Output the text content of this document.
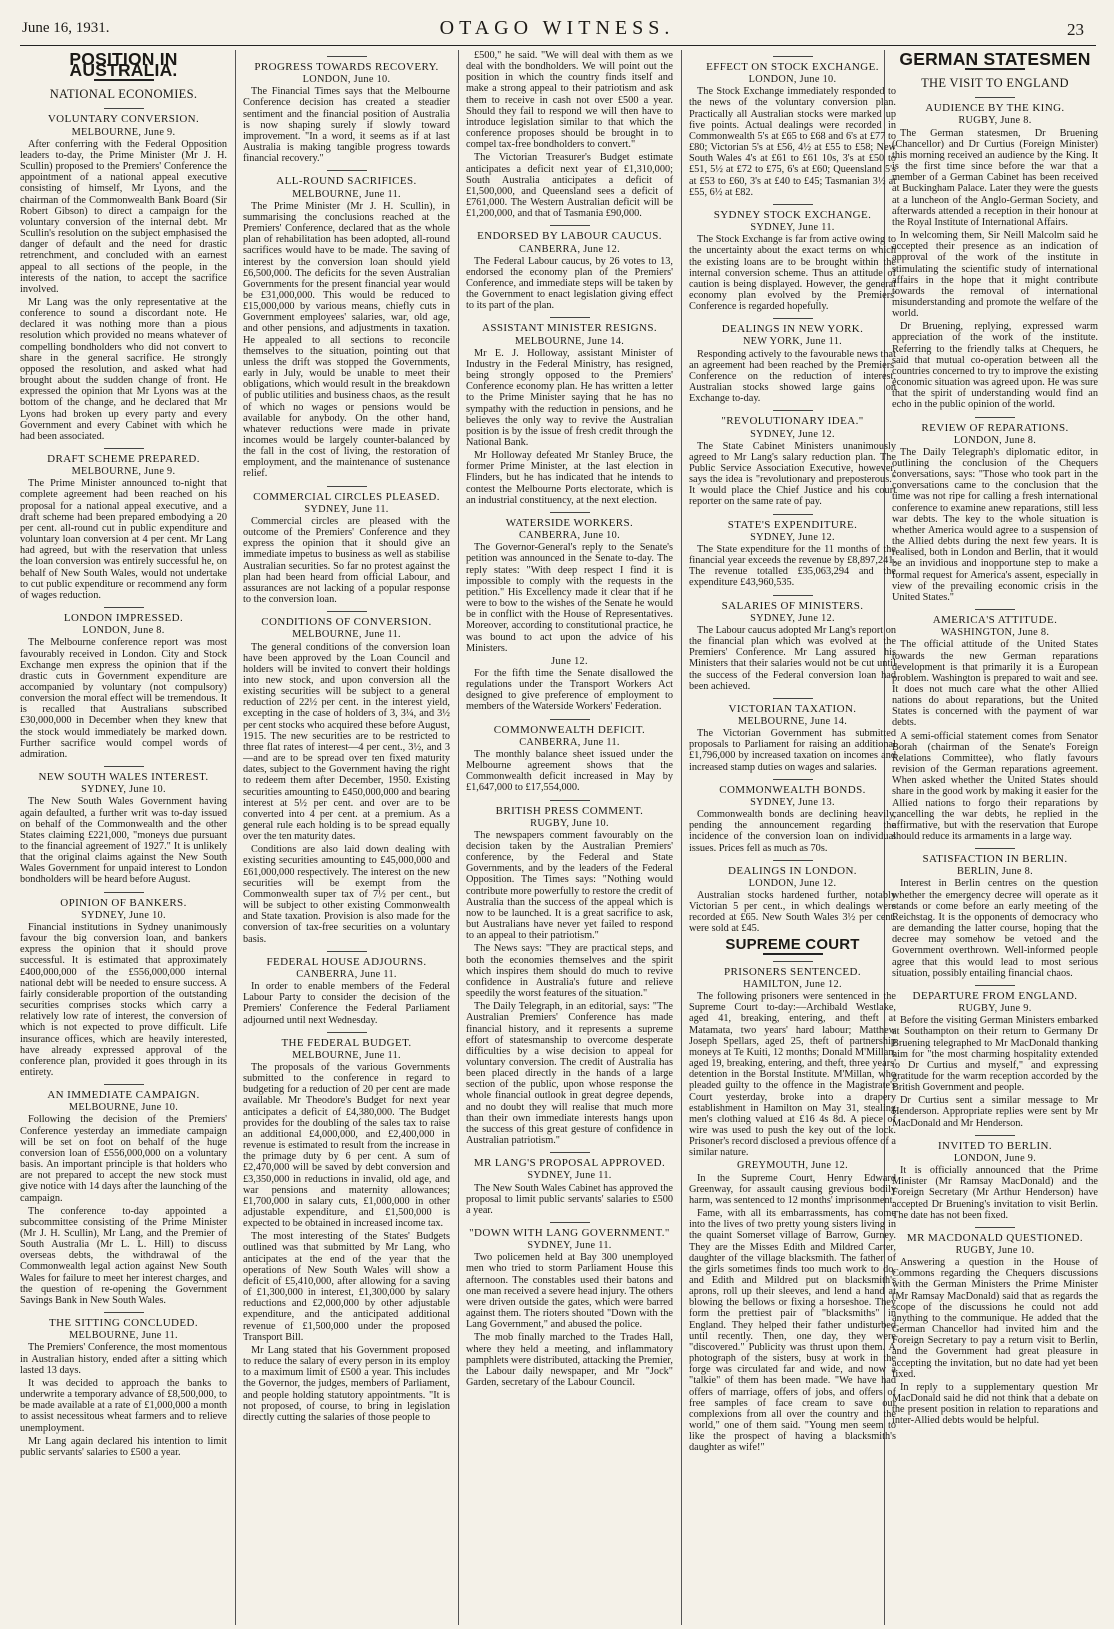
June 16, 1931.	OTAGO WITNESS.	23
POSITION IN AUSTRALIA.
NATIONAL ECONOMIES.
VOLUNTARY CONVERSION.
MELBOURNE, June 9.

After conferring with the Federal Opposition leaders to-day, the Prime Minister (Mr J. H. Scullin) proposed to the Premiers' Conference the appointment of a national appeal executive consisting of himself, Mr Lyons, and the chairman of the Commonwealth Bank Board (Sir Robert Gibson) to direct a campaign for the voluntary conversion of the internal debt. Mr Scullin's resolution on the subject emphasised the danger of default and the need for drastic retrenchment, and concluded with an earnest appeal to all sections of the people, in the interests of the nation, to accept the sacrifice involved.

Mr Lang was the only representative at the conference to sound a discordant note. He declared it was nothing more than a pious resolution which provided no means whatever of compelling bondholders who did not convert to share in the general sacrifice. He strongly opposed the resolution, and asked what had brought about the sudden change of front. He expressed the opinion that Mr Lyons was at the bottom of the change, and he declared that Mr Lyons had broken up every party and every Government and every Cabinet with which he had been associated.

DRAFT SCHEME PREPARED.
MELBOURNE, June 9.

The Prime Minister announced to-night that complete agreement had been reached on his proposal for a national appeal executive, and a draft scheme had been prepared embodying a 20 per cent. all-round cut in public expenditure and voluntary loan conversion at 4 per cent. Mr Lang had agreed, but with the reservation that unless the loan conversion was entirely successful he, on behalf of New South Wales, would not undertake to cut public expenditure or recommend any form of wages reduction.

LONDON IMPRESSED.
LONDON, June 8.

The Melbourne conference report was most favourably received in London. City and Stock Exchange men express the opinion that if the drastic cuts in Government expenditure are accompanied by voluntary (not compulsory) conversion the moral effect will be tremendous. It is recalled that Australians subscribed £30,000,000 in December when they knew that the stock would immediately be marked down. Further sacrifice would compel words of admiration.

NEW SOUTH WALES INTEREST.
SYDNEY, June 10.

The New South Wales Government having again defaulted, a further writ was to-day issued on behalf of the Commonwealth and the other States claiming £221,000, "moneys due pursuant to the financial agreement of 1927." It is unlikely that the original claims against the New South Wales Government for unpaid interest to London bondholders will be heard before August.

OPINION OF BANKERS.
SYDNEY, June 10.

Financial institutions in Sydney unanimously favour the big conversion loan, and bankers express the opinion that it should prove successful. It is estimated that approximately £400,000,000 of the £556,000,000 internal national debt will be needed to ensure success. A fairly considerable proportion of the outstanding securities comprises stocks which carry a relatively low rate of interest, the conversion of which is not expected to prove difficult. Life insurance offices, which are heavily interested, have already expressed approval of the conference plan, provided it goes through in its entirety.

AN IMMEDIATE CAMPAIGN.
MELBOURNE, June 10.

Following the decision of the Premiers' Conference yesterday an immediate campaign will be set on foot on behalf of the huge conversion loan of £556,000,000 on a voluntary basis. An important principle is that holders who are not prepared to accept the new stock must give notice with 14 days after the launching of the campaign.

The conference to-day appointed a subcommittee consisting of the Prime Minister (Mr J. H. Scullin), Mr Lang, and the Premier of South Australia (Mr L. L. Hill) to discuss overseas debts, the withdrawal of the Commonwealth legal action against New South Wales for failure to meet her interest charges, and the question of re-opening the Government Savings Bank in New South Wales.

THE SITTING CONCLUDED.
MELBOURNE, June 11.

The Premiers' Conference, the most momentous in Australian history, ended after a sitting which lasted 13 days.

It was decided to approach the banks to underwrite a temporary advance of £8,500,000, to be made available at a rate of £1,000,000 a month to assist necessitous wheat farmers and to relieve unemployment.

Mr Lang again declared his intention to limit public servants' salaries to £500 a year.

PROGRESS TOWARDS RECOVERY.
LONDON, June 10.

The Financial Times says that the Melbourne Conference decision has created a steadier sentiment and the financial position of Australia is now shaping surely if slowly toward improvement. "In a word, it seems as if at last Australia is making tangible progress towards financial recovery."

ALL-ROUND SACRIFICES.
MELBOURNE, June 11.

The Prime Minister (Mr J. H. Scullin), in summarising the conclusions reached at the Premiers' Conference, declared that as the whole plan of rehabilitation has been adopted, all-round sacrifices would have to be made. The saving of interest by the conversion loan should yield £6,500,000. The deficits for the seven Australian Governments for the present financial year would be £31,000,000. This would be reduced to £15,000,000 by various means, chiefly cuts in Government employees' salaries, war, old age, and other pensions, and adjustments in taxation. He appealed to all sections to reconcile themselves to the situation, pointing out that unless the drift was stopped the Governments, early in July, would be unable to meet their obligations, which would result in the breakdown of public utilities and business chaos, as the result of which no wages or pensions would be available for anybody. On the other hand, whatever reductions were made in private incomes would be largely counter-balanced by the fall in the cost of living, the restoration of employment, and the maintenance of sustenance relief.

COMMERCIAL CIRCLES PLEASED.
SYDNEY, June 11.

Commercial circles are pleased with the outcome of the Premiers' Conference and they express the opinion that it should give an immediate impetus to business as well as stabilise Australian securities. So far no protest against the plan had been heard from official Labour, and assurances are not lacking of a popular response to the conversion loan.

CONDITIONS OF CONVERSION.
MELBOURNE, June 11.

The general conditions of the conversion loan have been approved by the Loan Council and holders will be invited to convert their holdings into new stock, and upon conversion all the existing securities will be subject to a general reduction of 22½ per cent. in the interest yield, excepting in the case of holders of 3, 3¼, and 3½ per cent stocks who acquired these before August, 1915. The new securities are to be restricted to three flat rates of interest—4 per cent., 3½, and 3—and are to be spread over ten fixed maturity dates, subject to the Government having the right to redeem them after December, 1950. Existing securities amounting to £450,000,000 and bearing interest at 5½ per cent. and over are to be converted into 4 per cent. at a premium. As a general rule each holding is to be spread equally over the ten maturity dates.

Conditions are also laid down dealing with existing securities amounting to £45,000,000 and £61,000,000 respectively. The interest on the new securities will be exempt from the Commonwealth super tax of 7½ per cent., but will be subject to other existing Commonwealth and State taxation. Provision is also made for the conversion of tax-free securities on a voluntary basis.

FEDERAL HOUSE ADJOURNS.
CANBERRA, June 11.

In order to enable members of the Federal Labour Party to consider the decision of the Premiers' Conference the Federal Parliament adjourned until next Wednesday.

THE FEDERAL BUDGET.
MELBOURNE, June 11.

The proposals of the various Governments submitted to the conference in regard to budgeting for a reduction of 20 per cent are made available. Mr Theodore's Budget for next year anticipates a deficit of £4,380,000. The Budget provides for the doubling of the sales tax to raise an additional £4,000,000, and £2,400,000 in revenue is estimated to result from the increase in the primage duty by 6 per cent. A sum of £2,470,000 will be saved by debt conversion and £3,350,000 in reductions in invalid, old age, and war pensions and maternity allowances; £1,700,000 in salary cuts, £1,000,000 in other adjustable expenditure, and £1,500,000 is expected to be obtained in increased income tax.

The most interesting of the States' Budgets outlined was that submitted by Mr Lang, who anticipates at the end of the year that the operations of New South Wales will show a deficit of £5,410,000, after allowing for a saving of £1,300,000 in interest, £1,300,000 by salary reductions and £2,000,000 by other adjustable expenditure, and the anticipated additional revenue of £1,500,000 under the proposed Transport Bill.

Mr Lang stated that his Government proposed to reduce the salary of every person in its employ to a maximum limit of £500 a year. This includes the Governor, the judges, members of Parliament, and people holding statutory appointments. "It is not proposed, of course, to bring in legislation directly cutting the salaries of those people to

£500," he said. "We will deal with them as we deal with the bondholders. We will point out the position in which the country finds itself and make a strong appeal to their patriotism and ask them to receive in cash not over £500 a year. Should they fail to respond we will then have to introduce legislation similar to that which the conference proposes should be brought in to compel tax-free bondholders to convert."

The Victorian Treasurer's Budget estimate anticipates a deficit next year of £1,310,000; South Australia anticipates a deficit of £1,500,000, and Queensland sees a deficit of £761,000. The Western Australian deficit will be £1,200,000, and that of Tasmania £90,000.

ENDORSED BY LABOUR CAUCUS.
CANBERRA, June 12.

The Federal Labour caucus, by 26 votes to 13, endorsed the economy plan of the Premiers' Conference, and immediate steps will be taken by the Government to enact legislation giving effect to its part of the plan.

ASSISTANT MINISTER RESIGNS.
MELBOURNE, June 14.

Mr E. J. Holloway, assistant Minister of Industry in the Federal Ministry, has resigned, being strongly opposed to the Premiers' Conference economy plan. He has written a letter to the Prime Minister saying that he has no sympathy with the reduction in pensions, and he believes the only way to revive the Australian position is by the issue of fresh credit through the National Bank.

Mr Holloway defeated Mr Stanley Bruce, the former Prime Minister, at the last election in Flinders, but he has indicated that he intends to contest the Melbourne Ports electorate, which is an industrial constituency, at the next election.

WATERSIDE WORKERS.
CANBERRA, June 10.

The Governor-General's reply to the Senate's petition was announced in the Senate to-day. The reply states: "With deep respect I find it is impossible to comply with the requests in the petition." His Excellency made it clear that if he were to bow to the wishes of the Senate he would be in conflict with the House of Representatives. Moreover, according to constitutional practice, he was bound to act upon the advice of his Ministers.

June 12.

For the fifth time the Senate disallowed the regulations under the Transport Workers Act designed to give preference of employment to members of the Waterside Workers' Federation.

COMMONWEALTH DEFICIT.
CANBERRA, June 11.

The monthly balance sheet issued under the Melbourne agreement shows that the Commonwealth deficit increased in May by £1,647,000 to £17,554,000.

BRITISH PRESS COMMENT.
RUGBY, June 10.

The newspapers comment favourably on the decision taken by the Australian Premiers' conference, by the Federal and State Governments, and by the leaders of the Federal Opposition. The Times says: "Nothing would contribute more powerfully to restore the credit of Australia than the success of the appeal which is now to be launched. It is a great sacrifice to ask, but Australians have never yet failed to respond to an appeal to their patriotism."

The News says: "They are practical steps, and both the economies themselves and the spirit which inspires them should do much to revive confidence in Australia's future and relieve speedily the worst features of the situation."

The Daily Telegraph, in an editorial, says: "The Australian Premiers' Conference has made financial history, and it represents a supreme effort of statesmanship to overcome desperate difficulties by a wise decision to appeal for voluntary conversion. The credit of Australia has been placed directly in the hands of a large section of the public, upon whose response the whole financial outlook in great degree depends, and no doubt they will realise that much more than their own immediate interests hangs upon the success of this great gesture of confidence in Australian patriotism."

MR LANG'S PROPOSAL APPROVED.
SYDNEY, June 11.

The New South Wales Cabinet has approved the proposal to limit public servants' salaries to £500 a year.

"DOWN WITH LANG GOVERNMENT."
SYDNEY, June 11.

Two policemen held at Bay 300 unemployed men who tried to storm Parliament House this afternoon. The constables used their batons and one man received a severe head injury. The others were driven outside the gates, which were barred against them. The rioters shouted "Down with the Lang Government," and abused the police.

The mob finally marched to the Trades Hall, where they held a meeting, and inflammatory pamphlets were distributed, attacking the Premier, the Labour daily newspaper, and Mr "Jock" Garden, secretary of the Labour Council.

EFFECT ON STOCK EXCHANGE.
LONDON, June 10.

The Stock Exchange immediately responded to the news of the voluntary conversion plan. Practically all Australian stocks were marked up five points. Actual dealings were recorded in Commonwealth 5's at £65 to £68 and 6's at £77 to £80; Victorian 5's at £56, 4½ at £55 to £58; New South Wales 4's at £61 to £61 10s, 3's at £50 to £51, 5½ at £72 to £75, 6's at £60; Queensland 5's at £53 to £60, 3's at £40 to £45; Tasmanian 3½ at £55, 6½ at £82.

SYDNEY STOCK EXCHANGE.
SYDNEY, June 11.

The Stock Exchange is far from active owing to the uncertainty about the exact terms on which the existing loans are to be brought within the internal conversion scheme. Thus an attitude of caution is being displayed. However, the general economy plan evolved by the Premiers' Conference is regarded hopefully.

DEALINGS IN NEW YORK.
NEW YORK, June 11.

Responding actively to the favourable news that an agreement had been reached by the Premiers' Conference on the reduction of interest, Australian stocks showed large gains on Exchange to-day.

"REVOLUTIONARY IDEA."
SYDNEY, June 12.

The State Cabinet Ministers unanimously agreed to Mr Lang's salary reduction plan. The Public Service Association Executive, however, says the idea is "revolutionary and preposterous." It would place the Chief Justice and his court reporter on the same rate of pay.

STATE'S EXPENDITURE.
SYDNEY, June 12.

The State expenditure for the 11 months of the financial year exceeds the revenue by £8,897,241. The revenue totalled £35,063,294 and the expenditure £43,960,535.

SALARIES OF MINISTERS.
SYDNEY, June 12.

The Labour caucus adopted Mr Lang's report on the financial plan which was evolved at the Premiers' Conference. Mr Lang assured his Ministers that their salaries would not be cut until the success of the Federal conversion loan had been achieved.

VICTORIAN TAXATION.
MELBOURNE, June 14.

The Victorian Government has submitted proposals to Parliament for raising an additional £1,796,000 by increased taxation on incomes and increased stamp duties on wages and salaries.

COMMONWEALTH BONDS.
SYDNEY, June 13.

Commonwealth bonds are declining heavily, pending the announcement regarding the incidence of the conversion loan on individual issues. Prices fell as much as 70s.

DEALINGS IN LONDON.
LONDON, June 12.

Australian stocks hardened further, notably Victorian 5 per cent., in which dealings were recorded at £65. New South Wales 3½ per cent. were sold at £45.

SUPREME COURT
PRISONERS SENTENCED.
HAMILTON, June 12.

The following prisoners were sentenced in the Supreme Court to-day:—Archibald Westlake, aged 41, breaking, entering, and theft at Matamata, two years' hard labour; Matthew Joseph Spellars, aged 25, theft of partnership moneys at Te Kuiti, 12 months; Donald M'Millan, aged 19, breaking, entering, and theft, three years' detention in the Borstal Institute. M'Millan, who pleaded guilty to the offence in the Magistrate's Court yesterday, broke into a drapery establishment in Hamilton on May 31, stealing men's clothing valued at £16 4s 8d. A piece of wire was used to push the key out of the lock. Prisoner's record disclosed a previous offence of a similar nature.

GREYMOUTH, June 12.

In the Supreme Court, Henry Edward Greenway, for assault causing grevious bodily harm, was sentenced to 12 months' imprisonment.

Fame, with all its embarrassments, has come into the lives of two pretty young sisters living in the quaint Somerset village of Barrow, Gurney. They are the Misses Edith and Mildred Carter, daughter of the village blacksmith. The father of the girls sometimes finds too much work to do, and Edith and Mildred put on blacksmith's aprons, roll up their sleeves, and lend a hand at blowing the bellows or fixing a horseshoe. They form the prettiest pair of "blacksmiths" in England. They helped their father undisturbed until recently. Then, one day, they were "discovered." Publicity was thrust upon them. A photograph of the sisters, busy at work in the forge was circulated far and wide, and now a "talkie" of them has been made. "We have had offers of marriage, offers of jobs, and offers of free samples of face cream to save our complexions from all over the country and the world," one of them said. "Young men seem to like the prospect of having a blacksmith's daughter as wife!"

GERMAN STATESMEN
THE VISIT TO ENGLAND
AUDIENCE BY THE KING.
RUGBY, June 8.

The German statesmen, Dr Bruening (Chancellor) and Dr Curtius (Foreign Minister) this morning received an audience by the King. It is the first time since before the war that a member of a German Cabinet has been received at Buckingham Palace. Later they were the guests at a luncheon of the Anglo-German Society, and afterwards attended a reception in their honour at the Royal Institute of International Affairs.

In welcoming them, Sir Neill Malcolm said he accepted their presence as an indication of approval of the work of the institute in stimulating the scientific study of international affairs in the hope that it might contribute towards the removal of international misunderstanding and promote the welfare of the world.

Dr Bruening, replying, expressed warm appreciation of the work of the institute. Referring to the friendly talks at Chequers, he said that mutual co-operation between all the countries concerned to try to improve the existing economic situation was agreed upon. He was sure that the spirit of understanding would find an echo in the public opinion of the world.

REVIEW OF REPARATIONS.
LONDON, June 8.

The Daily Telegraph's diplomatic editor, in outlining the conclusion of the Chequers conversations, says: "Those who took part in the conversations came to the conclusion that the time was not ripe for calling a fresh international conference to examine anew reparations, still less war debts. The key to the whole situation is whether America would agree to a suspension of the Allied debts during the next few years. It is realised, both in London and Berlin, that it would be an invidious and inopportune step to make a formal request for America's assent, especially in view of the prevailing economic crisis in the United States."

AMERICA'S ATTITUDE.
WASHINGTON, June 8.

The official attitude of the United States towards the new German reparations development is that primarily it is a European problem. Washington is prepared to wait and see. It does not much care what the other Allied nations do about reparations, but the United States is concerned with the payment of war debts.

A semi-official statement comes from Senator Borah (chairman of the Senate's Foreign Relations Committee), who flatly favours revision of the German reparations agreement. When asked whether the United States should share in the good work by making it easier for the Allied nations to forgo their reparations by cancelling the war debts, he replied in the affirmative, but with the reservation that Europe should reduce its armaments in a large way.

SATISFACTION IN BERLIN.
BERLIN, June 8.

Interest in Berlin centres on the question whether the emergency decree will operate as it stands or come before an early meeting of the Reichstag. It is the opponents of democracy who are demanding the latter course, hoping that the decree may somehow be vetoed and the Government overthrown. Well-informed people agree that this would lead to most serious situation, possibly entailing financial chaos.

DEPARTURE FROM ENGLAND.
RUGBY, June 9.

Before the visiting German Ministers embarked at Southampton on their return to Germany Dr Bruening telegraphed to Mr MacDonald thanking him for "the most charming hospitality extended to Dr Curtius and myself," and expressing gratitude for the warm reception accorded by the British Government and people.

Dr Curtius sent a similar message to Mr Henderson. Appropriate replies were sent by Mr MacDonald and Mr Henderson.

INVITED TO BERLIN.
LONDON, June 9.

It is officially announced that the Prime Minister (Mr Ramsay MacDonald) and the Foreign Secretary (Mr Arthur Henderson) have accepted Dr Bruening's invitation to visit Berlin. The date has not been fixed.

MR MACDONALD QUESTIONED.
RUGBY, June 10.

Answering a question in the House of Commons regarding the Chequers discussions with the German Ministers the Prime Minister (Mr Ramsay MacDonald) said that as regards the scope of the discussions he could not add anything to the communique. He added that the German Chancellor had invited him and the Foreign Secretary to pay a return visit to Berlin, and the Government had great pleasure in accepting the invitation, but no date had yet been fixed.

In reply to a supplementary question Mr MacDonald said he did not think that a debate on the present position in relation to reparations and inter-Allied debts would be helpful.
